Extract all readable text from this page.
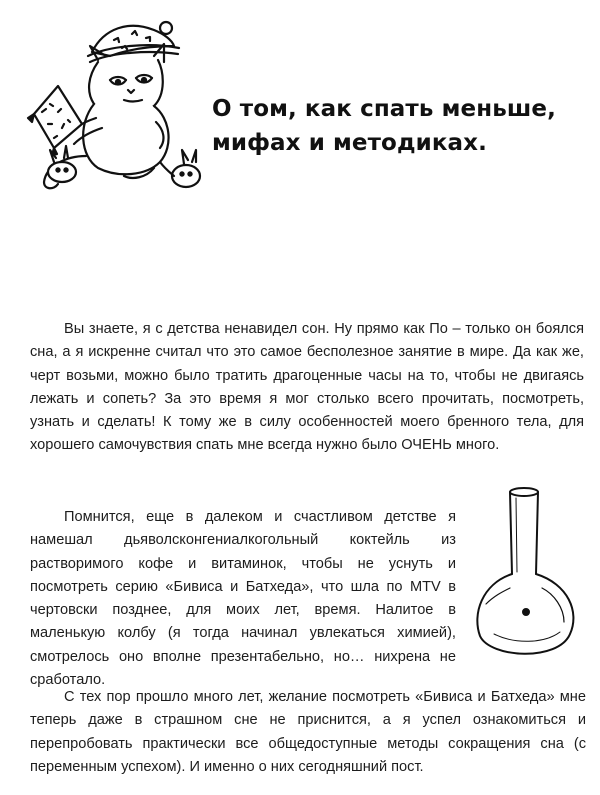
О том, как спать меньше,
мифах и методиках.

Вы знаете, я с детства ненавидел сон. Ну прямо как По – только он боялся сна, а я искренне считал что это самое бесполезное занятие в мире. Да как же, черт возьми, можно было тратить драгоценные часы на то, чтобы не двигаясь лежать и сопеть? За это время я мог столько всего прочитать, посмотреть, узнать и сделать! К тому же в силу особенностей моего бренного тела, для хорошего самочувствия спать мне всегда нужно было ОЧЕНЬ много.

Помнится, еще в далеком и счастливом детстве я намешал дьяволсконгениалкогольный коктейль из растворимого кофе и витаминок, чтобы не уснуть и посмотреть серию «Бивиса и Батхеда», что шла по MTV в чертовски позднее, для моих лет, время. Налитое в маленькую колбу (я тогда начинал увлекаться химией), смотрелось оно вполне презентабельно, но… нихрена не сработало.

С тех пор прошло много лет, желание посмотреть «Бивиса и Батхеда» мне теперь даже в страшном сне не приснится, а я успел ознакомиться и перепробовать практически все общедоступные методы сокращения сна (с переменным успехом). И именно о них сегодняшний пост.
